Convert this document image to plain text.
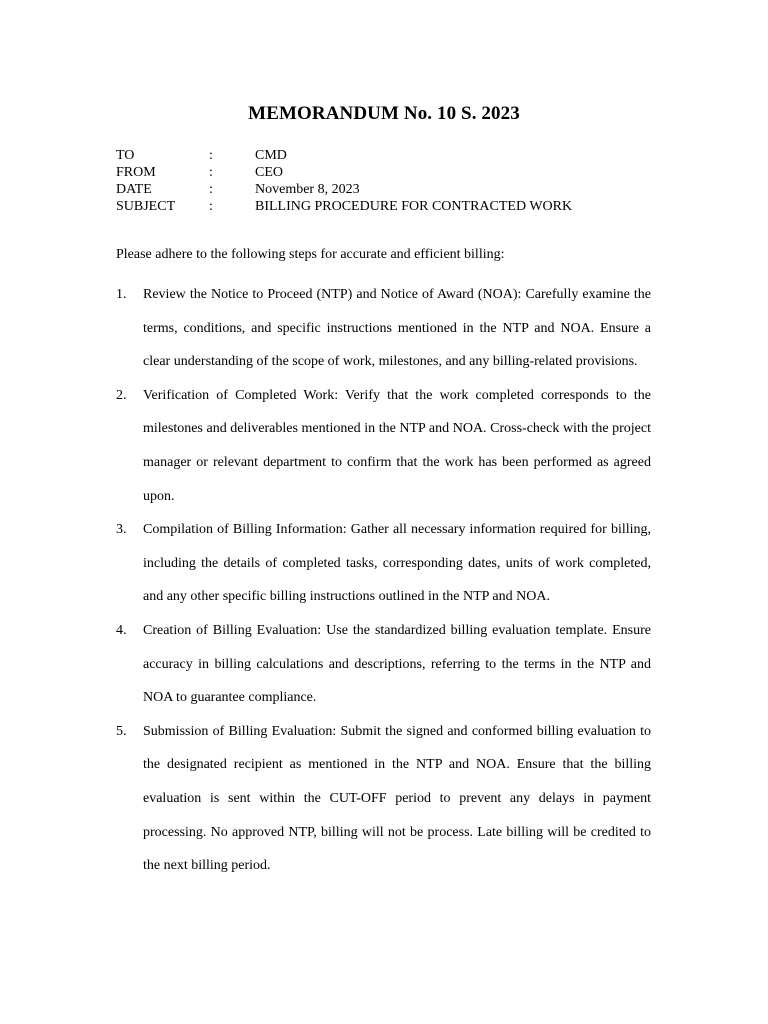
MEMORANDUM No. 10 S. 2023
TO	:	CMD
FROM	:	CEO
DATE	:	November 8, 2023
SUBJECT	:	BILLING PROCEDURE FOR CONTRACTED WORK
Please adhere to the following steps for accurate and efficient billing:
1.	Review the Notice to Proceed (NTP) and Notice of Award (NOA): Carefully examine the terms, conditions, and specific instructions mentioned in the NTP and NOA. Ensure a clear understanding of the scope of work, milestones, and any billing-related provisions.
2.	Verification of Completed Work: Verify that the work completed corresponds to the milestones and deliverables mentioned in the NTP and NOA. Cross-check with the project manager or relevant department to confirm that the work has been performed as agreed upon.
3.	Compilation of Billing Information: Gather all necessary information required for billing, including the details of completed tasks, corresponding dates, units of work completed, and any other specific billing instructions outlined in the NTP and NOA.
4.	Creation of Billing Evaluation: Use the standardized billing evaluation template. Ensure accuracy in billing calculations and descriptions, referring to the terms in the NTP and NOA to guarantee compliance.
5.	Submission of Billing Evaluation: Submit the signed and conformed billing evaluation to the designated recipient as mentioned in the NTP and NOA. Ensure that the billing evaluation is sent within the CUT-OFF period to prevent any delays in payment processing. No approved NTP, billing will not be process. Late billing will be credited to the next billing period.
